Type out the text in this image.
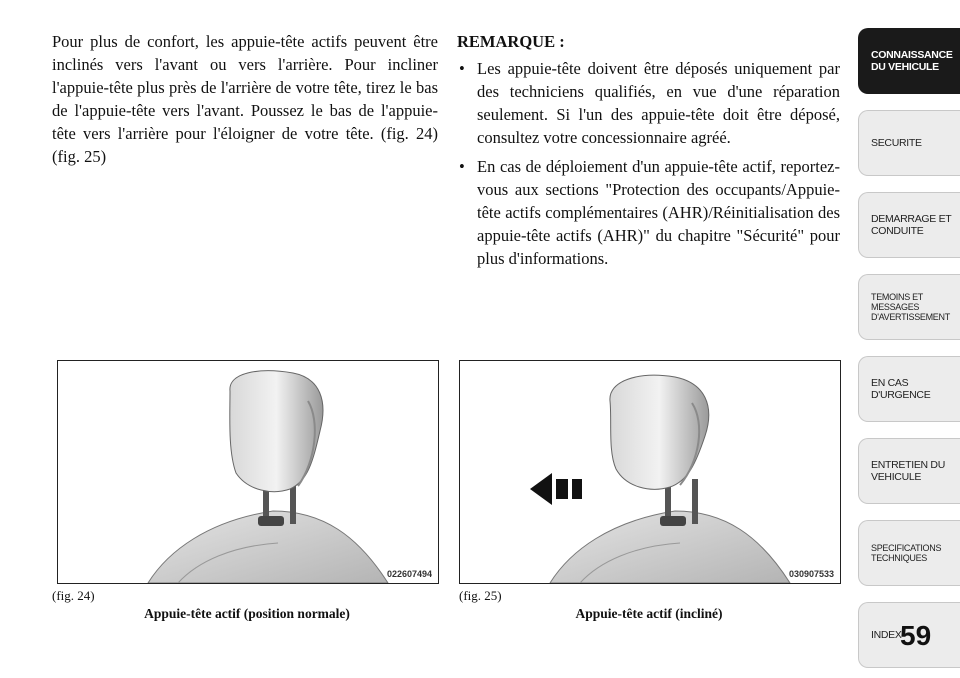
Pour plus de confort, les appuie-tête actifs peuvent être inclinés vers l'avant ou vers l'arrière. Pour incliner l'appuie-tête plus près de l'arrière de votre tête, tirez le bas de l'appuie-tête vers l'avant. Poussez le bas de l'appuie-tête vers l'arrière pour l'éloigner de votre tête. (fig. 24) (fig. 25)

REMARQUE :
• Les appuie-tête doivent être déposés uniquement par des techniciens qualifiés, en vue d'une réparation seulement. Si l'un des appuie-tête doit être déposé, consultez votre concessionnaire agréé.
• En cas de déploiement d'un appuie-tête actif, reportez-vous aux sections "Protection des occupants/Appuie-tête actifs complémentaires (AHR)/Réinitialisation des appuie-tête actifs (AHR)" du chapitre "Sécurité" pour plus d'informations.
022607494	030907533
(fig. 24)
Appuie-tête actif (position normale)
(fig. 25)
Appuie-tête actif (incliné)
CONNAISSANCE DU VEHICULE
SECURITE
DEMARRAGE ET CONDUITE
TEMOINS ET MESSAGES D'AVERTISSEMENT
EN CAS D'URGENCE
ENTRETIEN DU VEHICULE
SPECIFICATIONS TECHNIQUES
INDEX
59
